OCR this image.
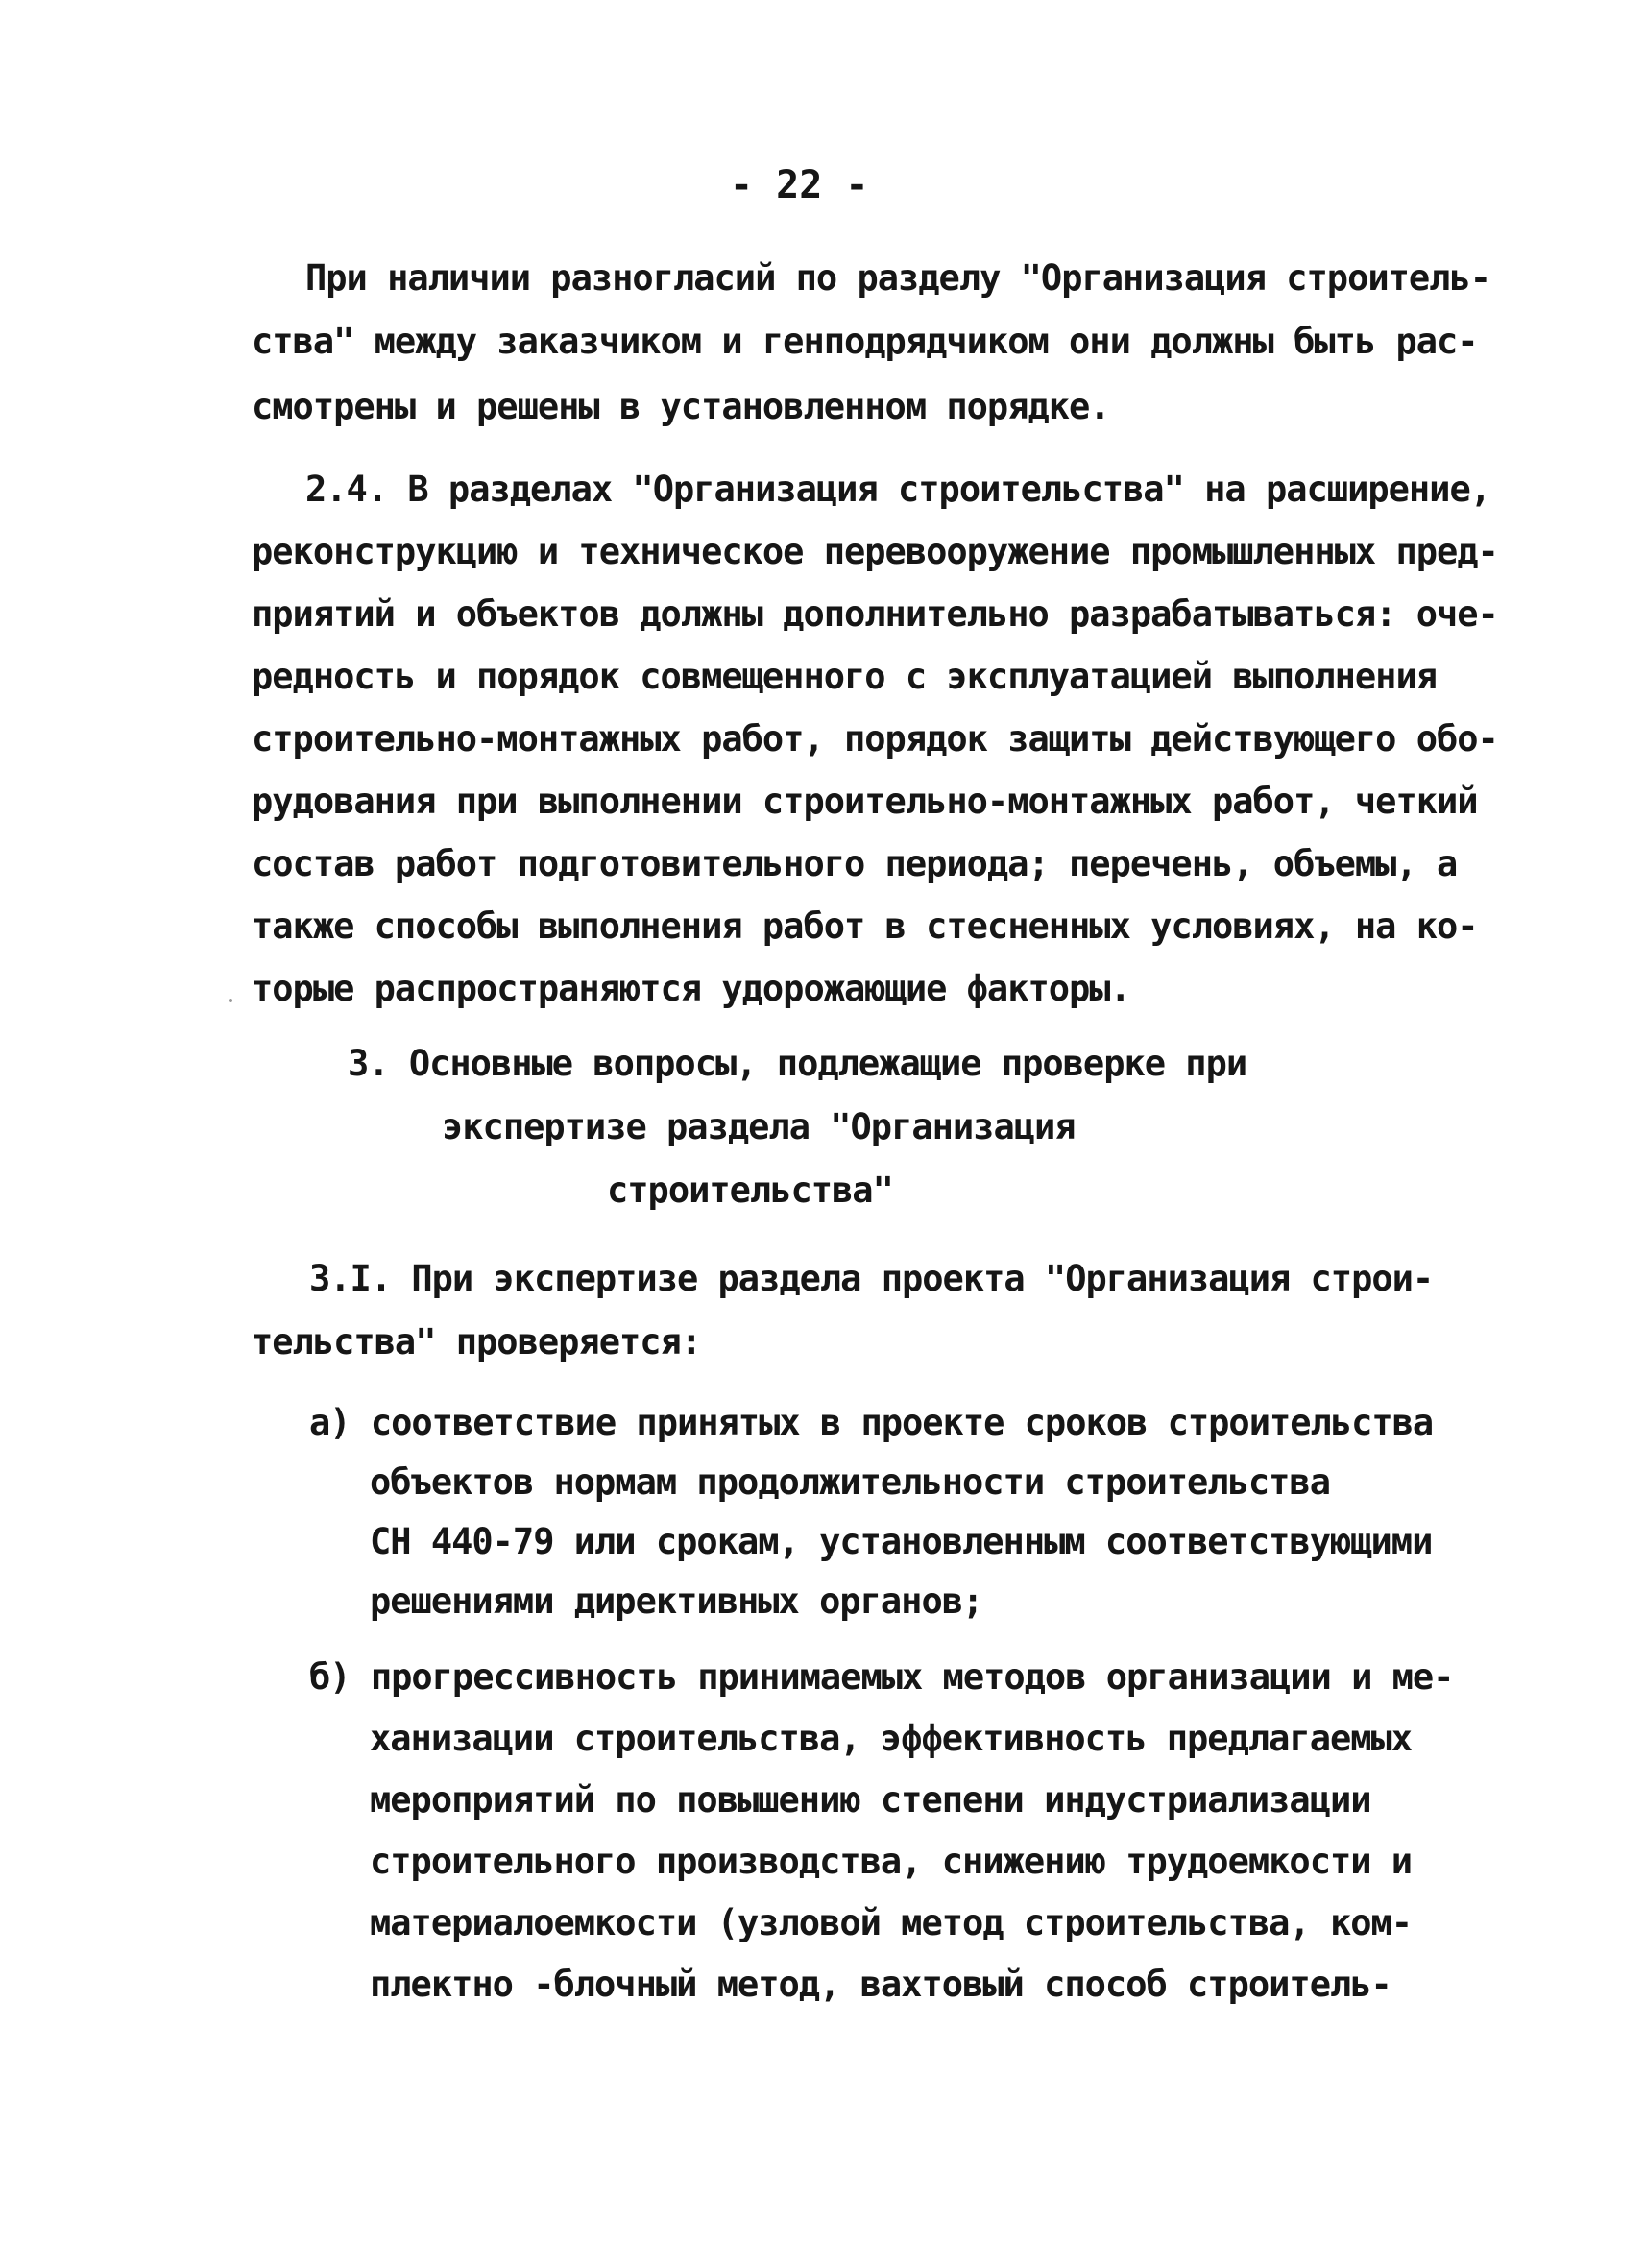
- 22 -
При наличии разногласий по разделу "Организация строитель-
ства" между заказчиком и генподрядчиком они должны быть рас-
смотрены и решены в установленном порядке.
2.4. В разделах "Организация строительства" на расширение,
реконструкцию и техническое перевооружение промышленных пред-
приятий и объектов должны дополнительно разрабатываться: оче-
редность и порядок совмещенного с эксплуатацией выполнения
строительно-монтажных работ, порядок защиты действующего обо-
рудования при выполнении строительно-монтажных работ, четкий
состав работ подготовительного периода; перечень, объемы, а
также способы выполнения работ в стесненных условиях, на ко-
торые распространяются удорожающие факторы.
3. Основные вопросы, подлежащие проверке при
экспертизе раздела "Организация
строительства"
3.I. При экспертизе раздела проекта "Организация строи-
тельства" проверяется:
а) соответствие принятых в проекте сроков строительства
объектов нормам продолжительности строительства
СН 440-79 или срокам, установленным соответствующими
решениями директивных органов;
б) прогрессивность принимаемых методов организации и ме-
ханизации строительства, эффективность предлагаемых
мероприятий по повышению степени индустриализации
строительного производства, снижению трудоемкости и
материалоемкости (узловой метод строительства, ком-
плектно -блочный метод, вахтовый способ строитель-
